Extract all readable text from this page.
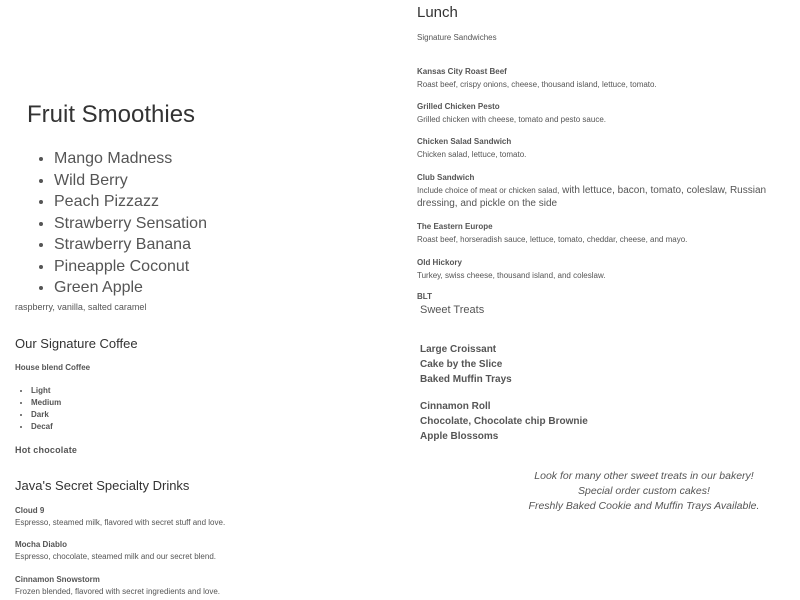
Fruit Smoothies
• Mango Madness
• Wild Berry
• Peach Pizzazz
• Strawberry Sensation
• Strawberry Banana
• Pineapple Coconut
• Green Apple
raspberry, vanilla, salted caramel
Our Signature Coffee
House blend Coffee
• Light
• Medium
• Dark
• Decaf
Hot chocolate
Java's Secret Specialty Drinks
Cloud 9
Espresso, steamed milk, flavored with secret stuff and love.
Mocha Diablo
Espresso, chocolate, steamed milk and our secret blend.
Cinnamon Snowstorm
Frozen blended, flavored with secret ingredients and love.
Lunch
Signature Sandwiches
Kansas City Roast Beef
Roast beef, crispy onions, cheese, thousand island, lettuce, tomato.
Grilled Chicken Pesto
Grilled chicken with cheese, tomato and pesto sauce.
Chicken Salad Sandwich
Chicken salad, lettuce, tomato.
Club Sandwich
Include choice of meat or chicken salad, with lettuce, bacon, tomato, coleslaw, Russian dressing, and pickle on the side
The Eastern Europe
Roast beef, horseradish sauce, lettuce, tomato, cheddar, cheese, and mayo.
Old Hickory
Turkey, swiss cheese, thousand island, and coleslaw.
BLT
Sweet Treats
Large Croissant
Cake by the Slice
Baked Muffin Trays
Cinnamon Roll
Chocolate, Chocolate chip Brownie
Apple Blossoms
Look for many other sweet treats in our bakery!
Special order custom cakes!
Freshly Baked Cookie and Muffin Trays Available.
